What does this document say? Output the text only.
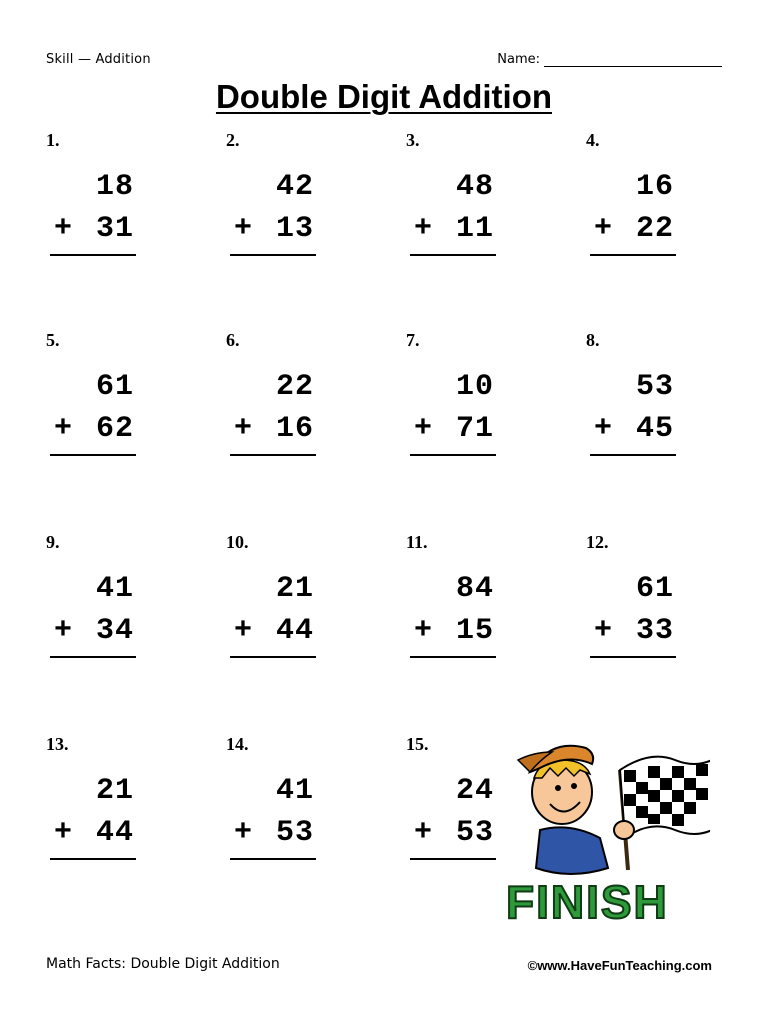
Skill — Addition	Name:
Double Digit Addition
1.
18
+ 31
2.
42
+ 13
3.
48
+ 11
4.
16
+ 22
5.
61
+ 62
6.
22
+ 16
7.
10
+ 71
8.
53
+ 45
9.
41
+ 34
10.
21
+ 44
11.
84
+ 15
12.
61
+ 33
13.
21
+ 44
14.
41
+ 53
15.
24
+ 53
FINISH
Math Facts: Double Digit Addition	©www.HaveFunTeaching.com
